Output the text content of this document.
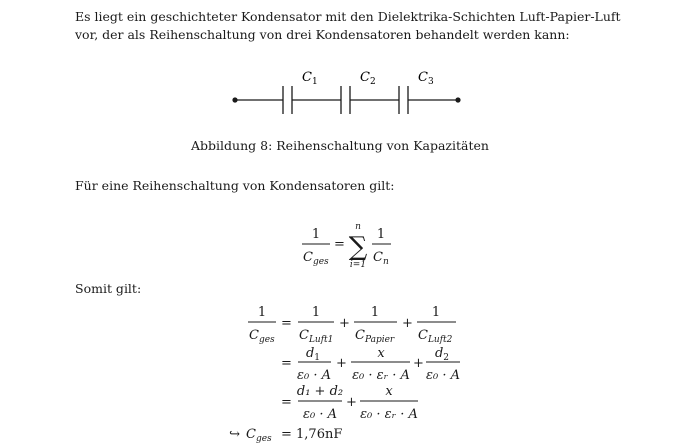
Es liegt ein geschichteter Kondensator mit den Dielektrika-Schichten Luft-Papier-Luft vor, der als Reihenschaltung von drei Kondensatoren behandelt werden kann:

$C_1$	$C_2$	$C_3$
Abbildung 8: Reihenschaltung von Kapazitäten

Für eine Reihenschaltung von Kondensatoren gilt:

1
$C_{ges}$
=
n
∑
i=1
1
$C_n$

Somit gilt:

1
$C_{ges}$
=
1
$C_{Luft1}$
+
1
$C_{Papier}$
+
1
$C_{Luft2}$
=
$d_1$
ε₀ · A
+
x
ε₀ · εᵣ · A
+
$d_2$
ε₀ · A
=
d₁ + d₂
ε₀ · A
+
x
ε₀ · εᵣ · A
↪ $C_{ges} = 1,76nF$
